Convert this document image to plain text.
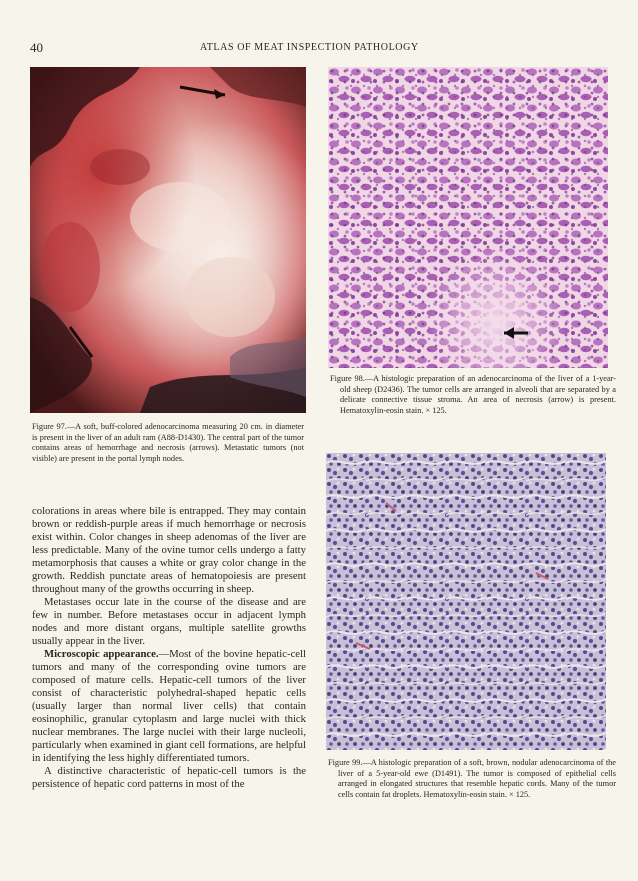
40	ATLAS OF MEAT INSPECTION PATHOLOGY

Figure 97.—A soft, buff-colored adenocarcinoma measuring 20 cm. in diameter is present in the liver of an adult ram (A88-D1430). The central part of the tumor contains areas of hemorrhage and necrosis (arrows). Metastatic tumors (not visible) are present in the portal lymph nodes.

Figure 98.—A histologic preparation of an adenocarcinoma of the liver of a 1-year-old sheep (D2436). The tumor cells are arranged in alveoli that are separated by a delicate connective tissue stroma. An area of necrosis (arrow) is present. Hematoxylin-eosin stain. × 125.

Figure 99.—A histologic preparation of a soft, brown, nodular adenocarcinoma of the liver of a 5-year-old ewe (D1491). The tumor is composed of epithelial cells arranged in elongated structures that resemble hepatic cords. Many of the tumor cells contain fat droplets. Hematoxylin-eosin stain. × 125.

colorations in areas where bile is entrapped. They may contain brown or reddish-purple areas if much hemorrhage or necrosis exist within. Color changes in sheep adenomas of the liver are less predictable. Many of the ovine tumor cells undergo a fatty metamorphosis that causes a white or gray color change in the growth. Reddish punctate areas of hematopoiesis are present throughout many of the growths occurring in sheep.

Metastases occur late in the course of the disease and are few in number. Before metastases occur in adjacent lymph nodes and more distant organs, multiple satellite growths usually appear in the liver.

Microscopic appearance.—Most of the bovine hepatic-cell tumors and many of the corresponding ovine tumors are composed of mature cells. Hepatic-cell tumors of the liver consist of characteristic polyhedral-shaped hepatic cells (usually larger than normal liver cells) that contain eosinophilic, granular cytoplasm and large nuclei with thick nuclear membranes. The large nuclei with their large nucleoli, particularly when examined in giant cell formations, are helpful in identifying the less highly differentiated tumors.

A distinctive characteristic of hepatic-cell tumors is the persistence of hepatic cord patterns in most of the
